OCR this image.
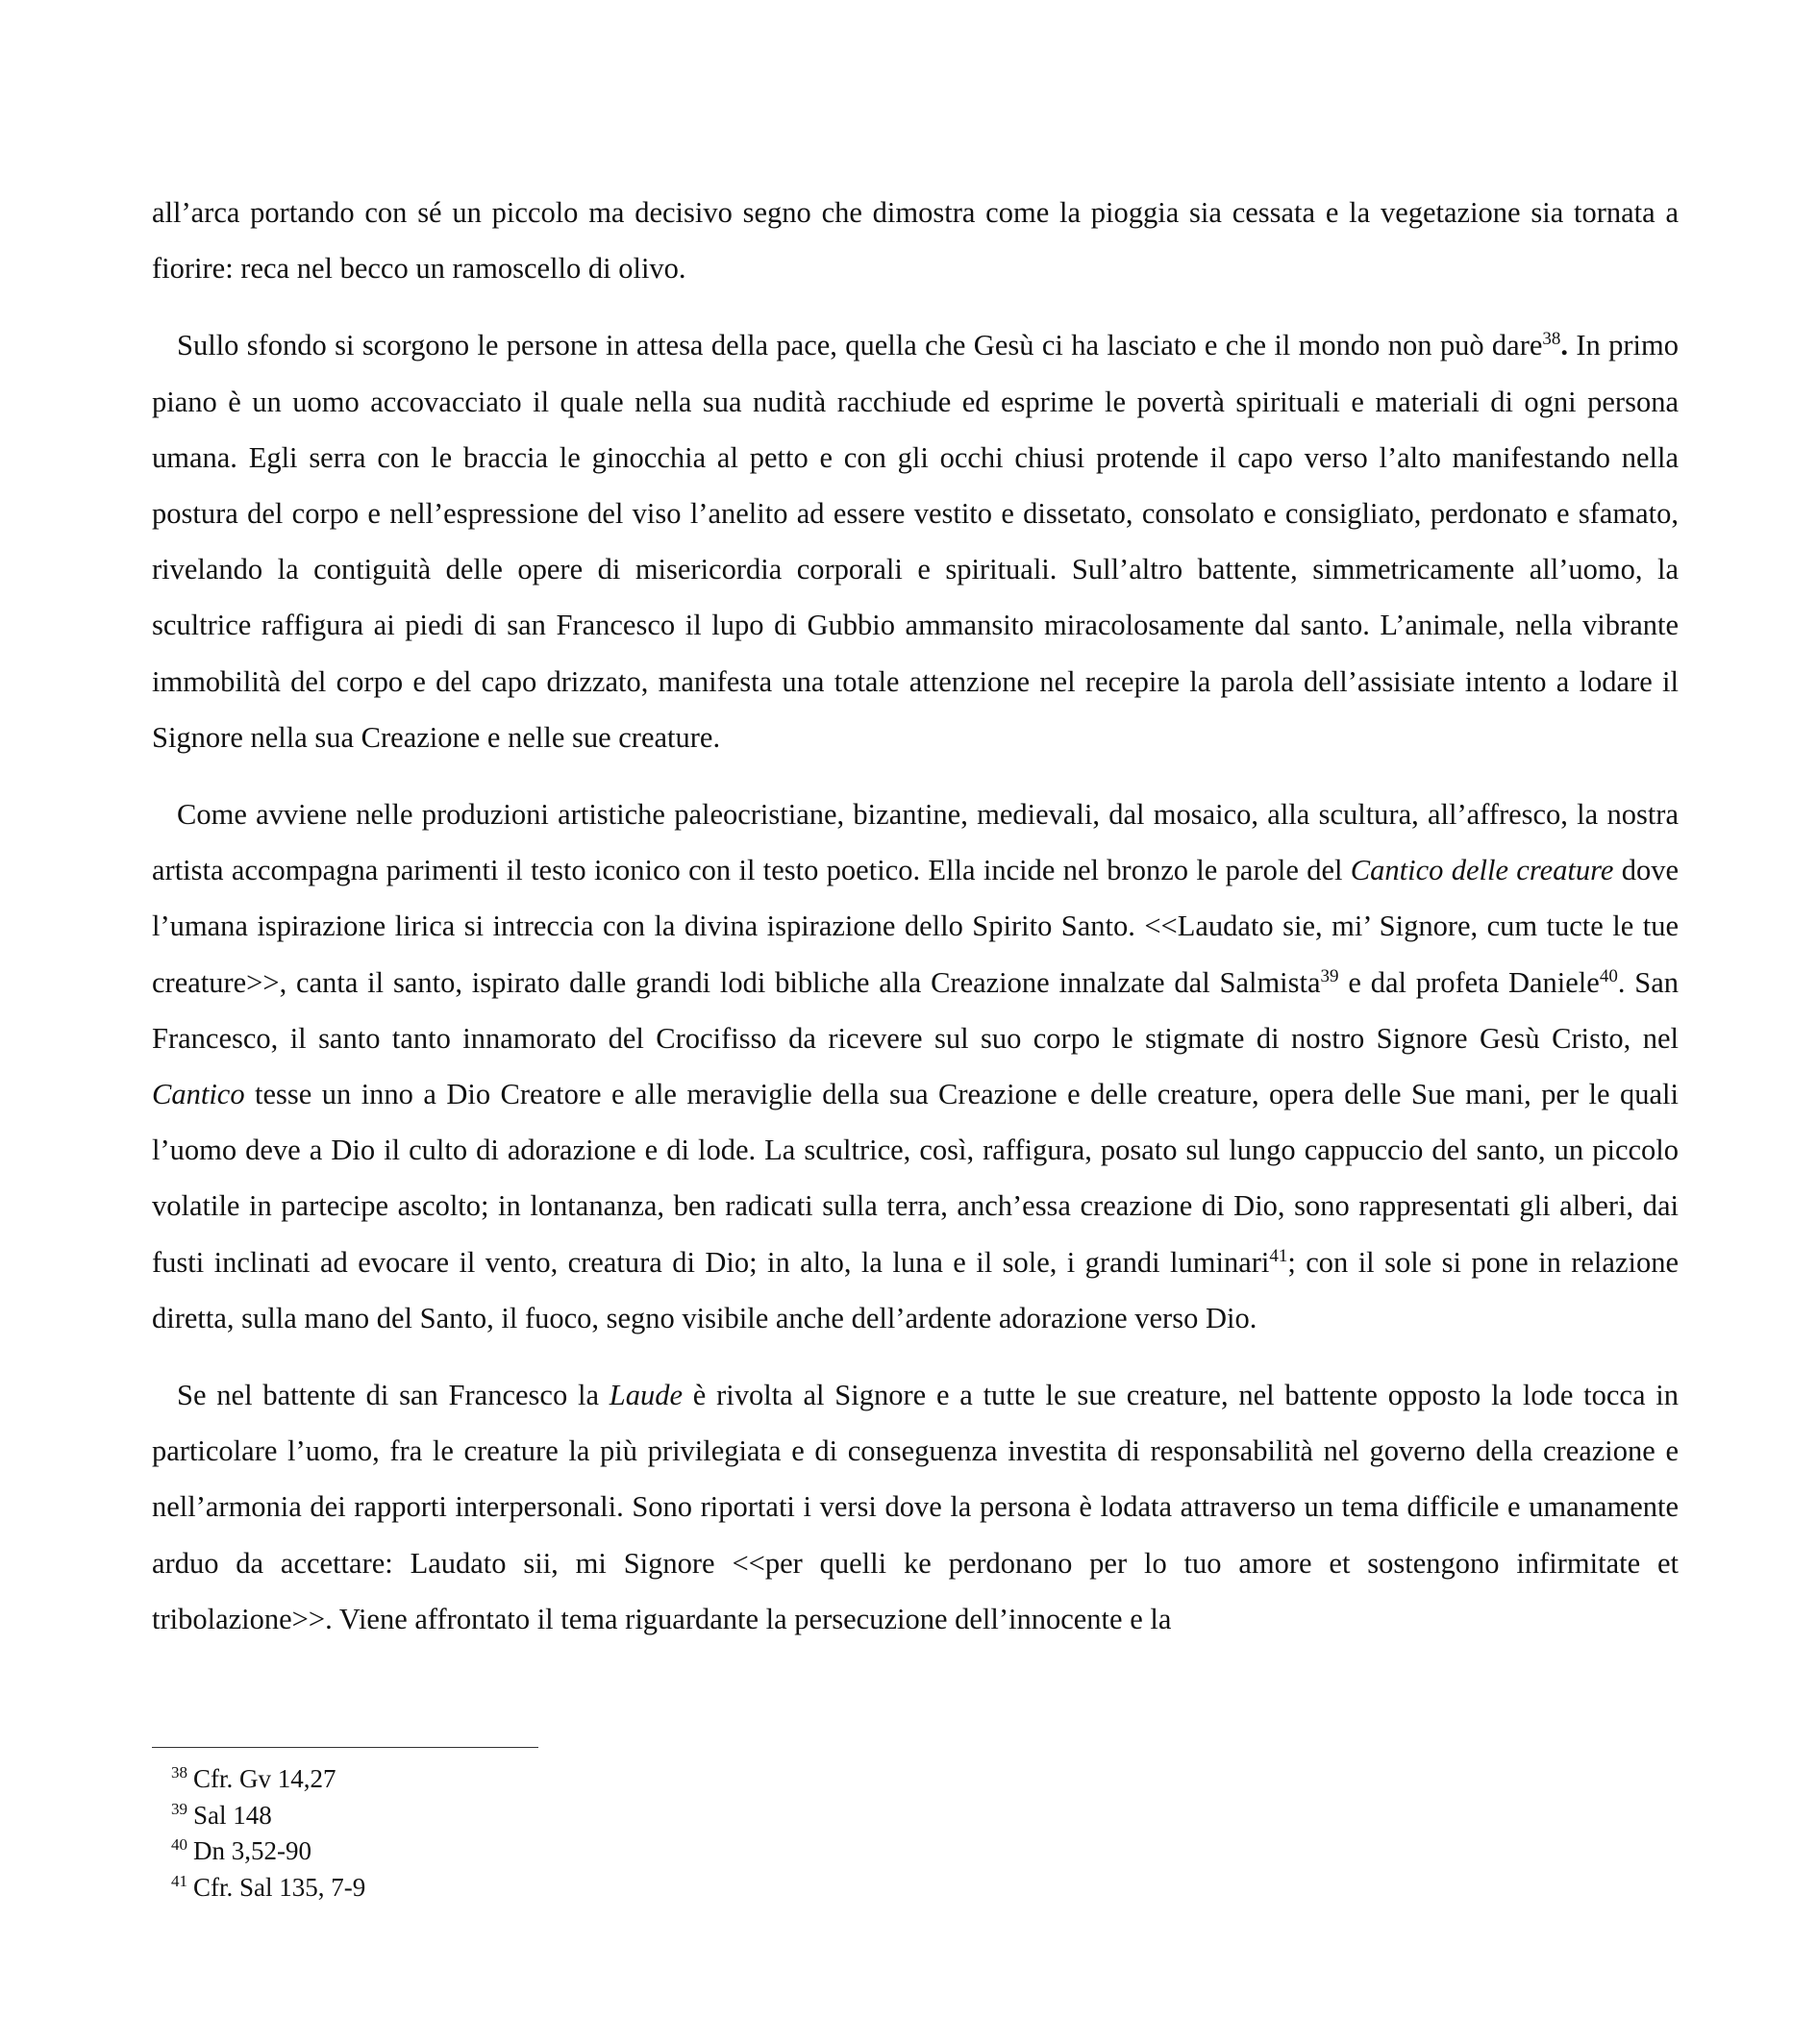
all’arca portando con sé un piccolo ma decisivo segno che dimostra come la pioggia sia cessata e la vegetazione sia tornata a fiorire: reca nel becco un ramoscello di olivo.

Sullo sfondo si scorgono le persone in attesa della pace, quella che Gesù ci ha lasciato e che il mondo non può dare$^{38}$. In primo piano è un uomo accovacciato il quale nella sua nudità racchiude ed esprime le povertà spirituali e materiali di ogni persona umana. Egli serra con le braccia le ginocchia al petto e con gli occhi chiusi protende il capo verso l’alto manifestando nella postura del corpo e nell’espressione del viso l’anelito ad essere vestito e dissetato, consolato e consigliato, perdonato e sfamato, rivelando la contiguità delle opere di misericordia corporali e spirituali. Sull’altro battente, simmetricamente all’uomo, la scultrice raffigura ai piedi di san Francesco il lupo di Gubbio ammansito miracolosamente dal santo. L’animale, nella vibrante immobilità del corpo e del capo drizzato, manifesta una totale attenzione nel recepire la parola dell’assisiate intento a lodare il Signore nella sua Creazione e nelle sue creature.

Come avviene nelle produzioni artistiche paleocristiane, bizantine, medievali, dal mosaico, alla scultura, all’affresco, la nostra artista accompagna parimenti il testo iconico con il testo poetico. Ella incide nel bronzo le parole del Cantico delle creature dove l’umana ispirazione lirica si intreccia con la divina ispirazione dello Spirito Santo. <<Laudato sie, mi’ Signore, cum tucte le tue creature>>, canta il santo, ispirato dalle grandi lodi bibliche alla Creazione innalzate dal Salmista$^{39}$ e dal profeta Daniele$^{40}$. San Francesco, il santo tanto innamorato del Crocifisso da ricevere sul suo corpo le stigmate di nostro Signore Gesù Cristo, nel Cantico tesse un inno a Dio Creatore e alle meraviglie della sua Creazione e delle creature, opera delle Sue mani, per le quali l’uomo deve a Dio il culto di adorazione e di lode. La scultrice, così, raffigura, posato sul lungo cappuccio del santo, un piccolo volatile in partecipe ascolto; in lontananza, ben radicati sulla terra, anch’essa creazione di Dio, sono rappresentati gli alberi, dai fusti inclinati ad evocare il vento, creatura di Dio; in alto, la luna e il sole, i grandi luminari$^{41}$; con il sole si pone in relazione diretta, sulla mano del Santo, il fuoco, segno visibile anche dell’ardente adorazione verso Dio.

Se nel battente di san Francesco la Laude è rivolta al Signore e a tutte le sue creature, nel battente opposto la lode tocca in particolare l’uomo, fra le creature la più privilegiata e di conseguenza investita di responsabilità nel governo della creazione e nell’armonia dei rapporti interpersonali. Sono riportati i versi dove la persona è lodata attraverso un tema difficile e umanamente arduo da accettare: Laudato sii, mi Signore <<per quelli ke perdonano per lo tuo amore et sostengono infirmitate et tribolazione>>. Viene affrontato il tema riguardante la persecuzione dell’innocente e la

$^{38}$ Cfr. Gv 14,27
$^{39}$ Sal 148
$^{40}$ Dn 3,52-90
$^{41}$ Cfr. Sal 135, 7-9
